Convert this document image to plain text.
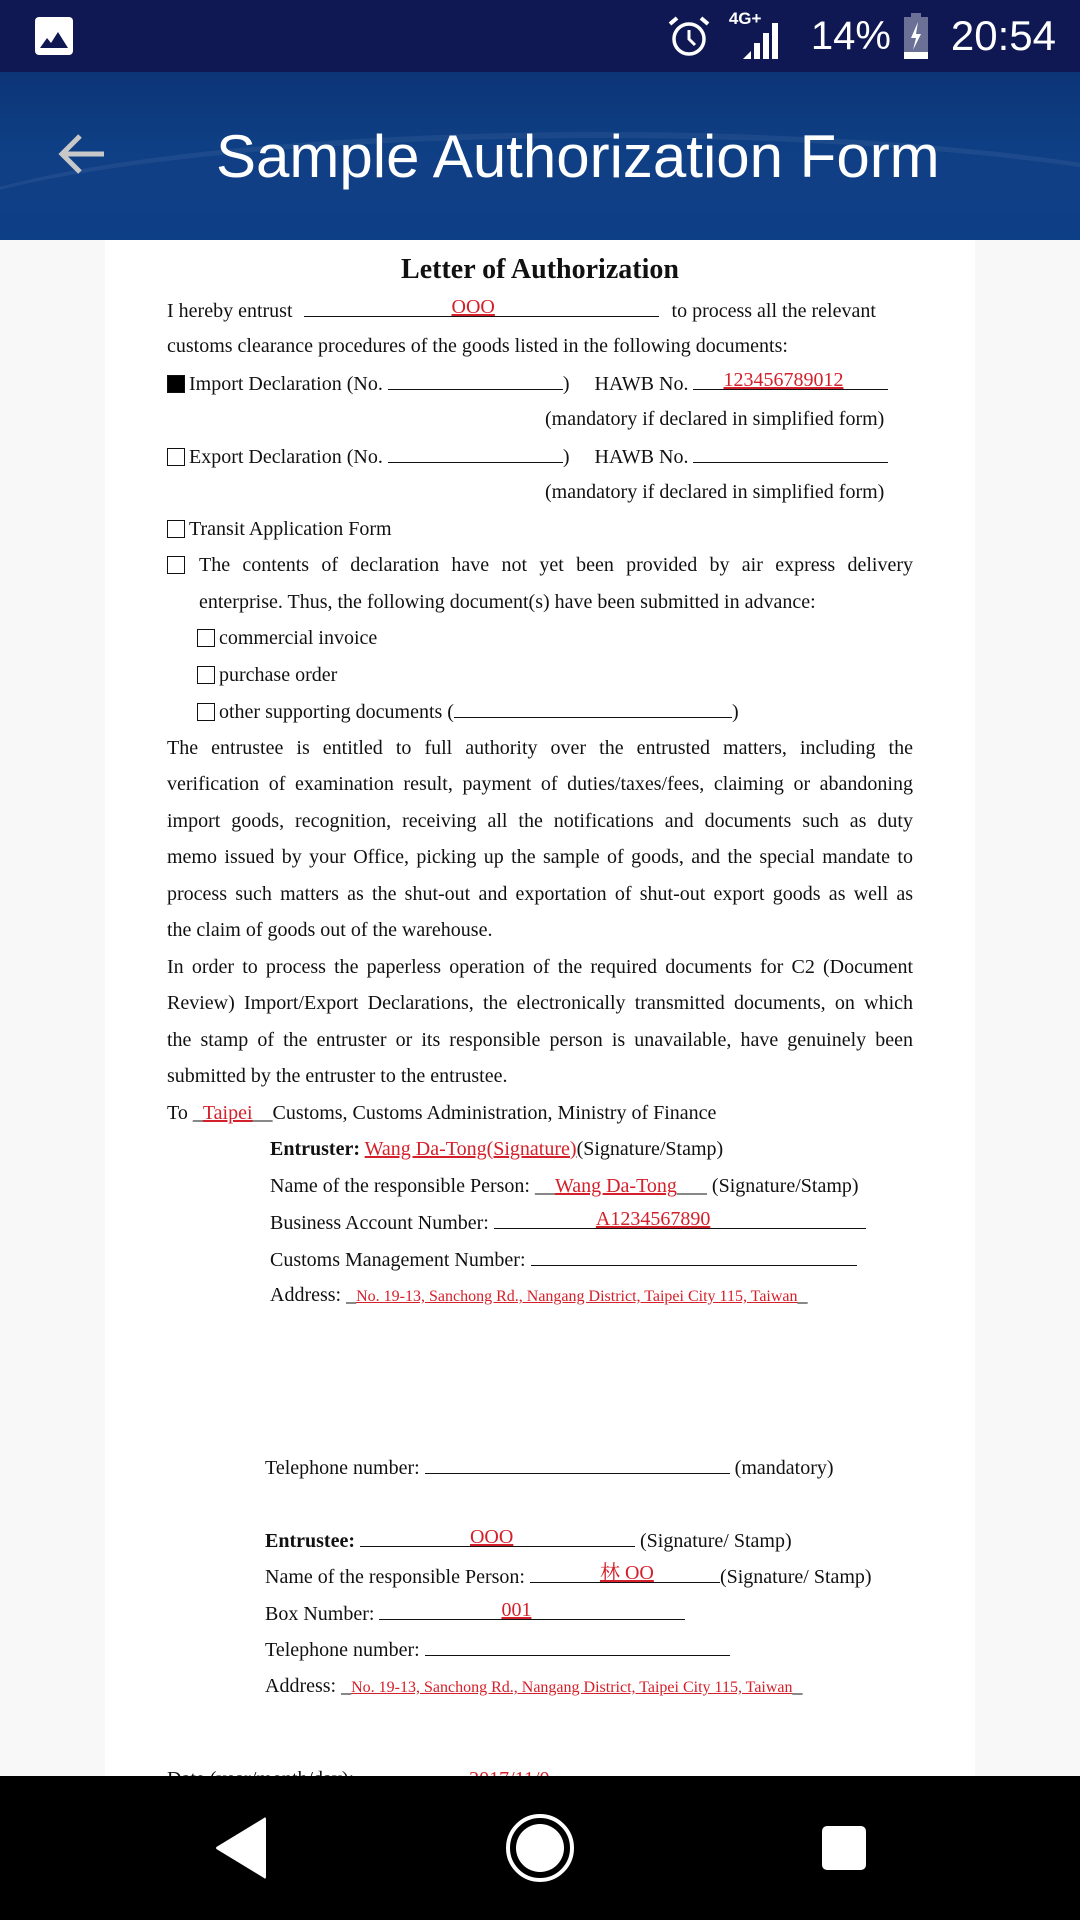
4G+ 14% 20:54
Sample Authorization Form
Letter of Authorization
I hereby entrust	OOO	to process all the relevant
customs clearance procedures of the goods listed in the following documents:
Import Declaration (No.	) HAWB No. 123456789012
(mandatory if declared in simplified form)
Export Declaration (No.	) HAWB No.
(mandatory if declared in simplified form)
Transit Application Form
The contents of declaration have not yet been provided by air express delivery
enterprise. Thus, the following document(s) have been submitted in advance:
commercial invoice
purchase order
other supporting documents (	)
The entrustee is entitled to full authority over the entrusted matters, including the
verification of examination result, payment of duties/taxes/fees, claiming or abandoning
import goods, recognition, receiving all the notifications and documents such as duty
memo issued by your Office, picking up the sample of goods, and the special mandate to
process such matters as the shut-out and exportation of shut-out export goods as well as
the claim of goods out of the warehouse.
In order to process the paperless operation of the required documents for C2 (Document
Review) Import/Export Declarations, the electronically transmitted documents, on which
the stamp of the entruster or its responsible person is unavailable, have genuinely been
submitted by the entruster to the entrustee.
To _Taipei__Customs, Customs Administration, Ministry of Finance
Entruster: Wang Da-Tong(Signature)(Signature/Stamp)
Name of the responsible Person: __Wang Da-Tong___ (Signature/Stamp)
Business Account Number:	A1234567890
Customs Management Number:
Address: _No. 19-13, Sanchong Rd., Nangang District, Taipei City 115, Taiwan_
Telephone number:	(mandatory)
Entrustee:	OOO	(Signature/ Stamp)
Name of the responsible Person:	林 OO	(Signature/ Stamp)
Box Number:	001
Telephone number:
Address: _No. 19-13, Sanchong Rd., Nangang District, Taipei City 115, Taiwan_
